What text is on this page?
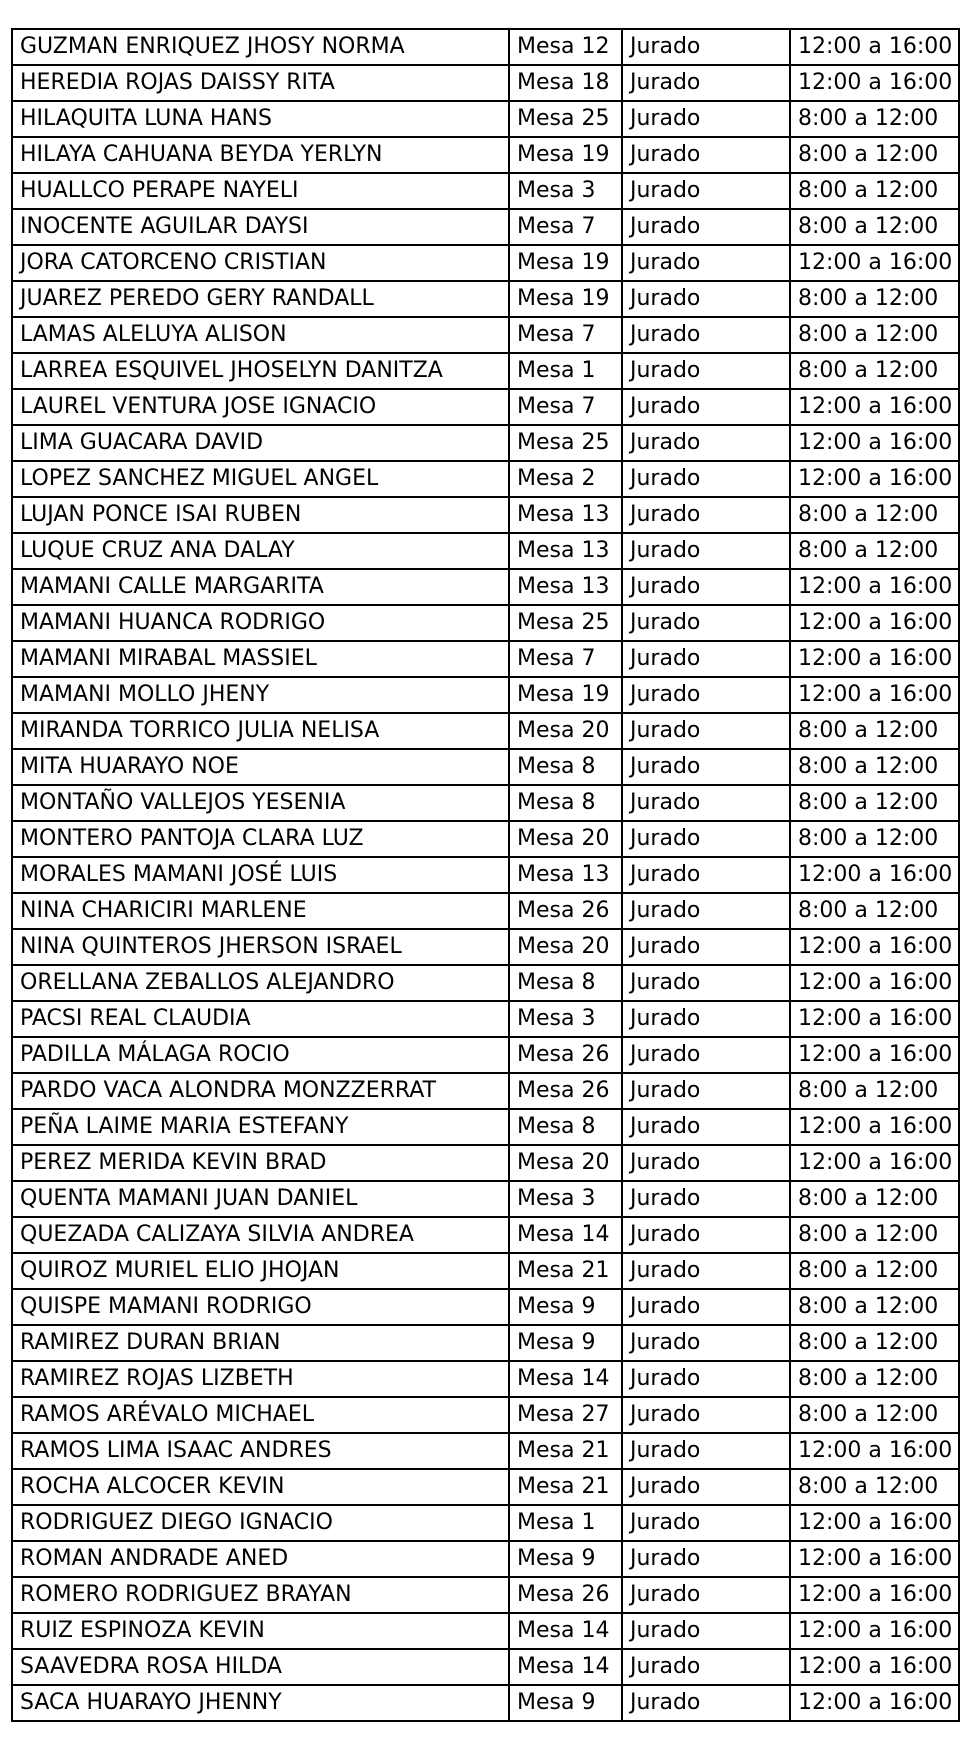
GUZMAN ENRIQUEZ JHOSY NORMA	Mesa 12	Jurado	12:00 a 16:00
HEREDIA ROJAS DAISSY RITA	Mesa 18	Jurado	12:00 a 16:00
HILAQUITA LUNA HANS	Mesa 25	Jurado	8:00 a 12:00
HILAYA CAHUANA BEYDA YERLYN	Mesa 19	Jurado	8:00 a 12:00
HUALLCO PERAPE NAYELI	Mesa 3	Jurado	8:00 a 12:00
INOCENTE AGUILAR DAYSI	Mesa 7	Jurado	8:00 a 12:00
JORA CATORCENO CRISTIAN	Mesa 19	Jurado	12:00 a 16:00
JUAREZ PEREDO GERY RANDALL	Mesa 19	Jurado	8:00 a 12:00
LAMAS ALELUYA ALISON	Mesa 7	Jurado	8:00 a 12:00
LARREA ESQUIVEL JHOSELYN DANITZA	Mesa 1	Jurado	8:00 a 12:00
LAUREL VENTURA JOSE IGNACIO	Mesa 7	Jurado	12:00 a 16:00
LIMA GUACARA DAVID	Mesa 25	Jurado	12:00 a 16:00
LOPEZ SANCHEZ MIGUEL ANGEL	Mesa 2	Jurado	12:00 a 16:00
LUJAN PONCE ISAI RUBEN	Mesa 13	Jurado	8:00 a 12:00
LUQUE CRUZ ANA DALAY	Mesa 13	Jurado	8:00 a 12:00
MAMANI CALLE MARGARITA	Mesa 13	Jurado	12:00 a 16:00
MAMANI HUANCA RODRIGO	Mesa 25	Jurado	12:00 a 16:00
MAMANI MIRABAL MASSIEL	Mesa 7	Jurado	12:00 a 16:00
MAMANI MOLLO JHENY	Mesa 19	Jurado	12:00 a 16:00
MIRANDA TORRICO JULIA NELISA	Mesa 20	Jurado	8:00 a 12:00
MITA HUARAYO NOE	Mesa 8	Jurado	8:00 a 12:00
MONTAÑO VALLEJOS YESENIA	Mesa 8	Jurado	8:00 a 12:00
MONTERO PANTOJA CLARA LUZ	Mesa 20	Jurado	8:00 a 12:00
MORALES MAMANI JOSÉ LUIS	Mesa 13	Jurado	12:00 a 16:00
NINA CHARICIRI MARLENE	Mesa 26	Jurado	8:00 a 12:00
NINA QUINTEROS JHERSON ISRAEL	Mesa 20	Jurado	12:00 a 16:00
ORELLANA ZEBALLOS ALEJANDRO	Mesa 8	Jurado	12:00 a 16:00
PACSI REAL CLAUDIA	Mesa 3	Jurado	12:00 a 16:00
PADILLA MÁLAGA ROCIO	Mesa 26	Jurado	12:00 a 16:00
PARDO VACA ALONDRA MONZZERRAT	Mesa 26	Jurado	8:00 a 12:00
PEÑA LAIME MARIA ESTEFANY	Mesa 8	Jurado	12:00 a 16:00
PEREZ MERIDA KEVIN BRAD	Mesa 20	Jurado	12:00 a 16:00
QUENTA MAMANI JUAN DANIEL	Mesa 3	Jurado	8:00 a 12:00
QUEZADA CALIZAYA SILVIA ANDREA	Mesa 14	Jurado	8:00 a 12:00
QUIROZ MURIEL ELIO JHOJAN	Mesa 21	Jurado	8:00 a 12:00
QUISPE MAMANI RODRIGO	Mesa 9	Jurado	8:00 a 12:00
RAMIREZ DURAN BRIAN	Mesa 9	Jurado	8:00 a 12:00
RAMIREZ ROJAS LIZBETH	Mesa 14	Jurado	8:00 a 12:00
RAMOS ARÉVALO MICHAEL	Mesa 27	Jurado	8:00 a 12:00
RAMOS LIMA ISAAC ANDRES	Mesa 21	Jurado	12:00 a 16:00
ROCHA ALCOCER KEVIN	Mesa 21	Jurado	8:00 a 12:00
RODRIGUEZ DIEGO IGNACIO	Mesa 1	Jurado	12:00 a 16:00
ROMAN ANDRADE ANED	Mesa 9	Jurado	12:00 a 16:00
ROMERO RODRIGUEZ BRAYAN	Mesa 26	Jurado	12:00 a 16:00
RUIZ ESPINOZA KEVIN	Mesa 14	Jurado	12:00 a 16:00
SAAVEDRA ROSA HILDA	Mesa 14	Jurado	12:00 a 16:00
SACA HUARAYO JHENNY	Mesa 9	Jurado	12:00 a 16:00
